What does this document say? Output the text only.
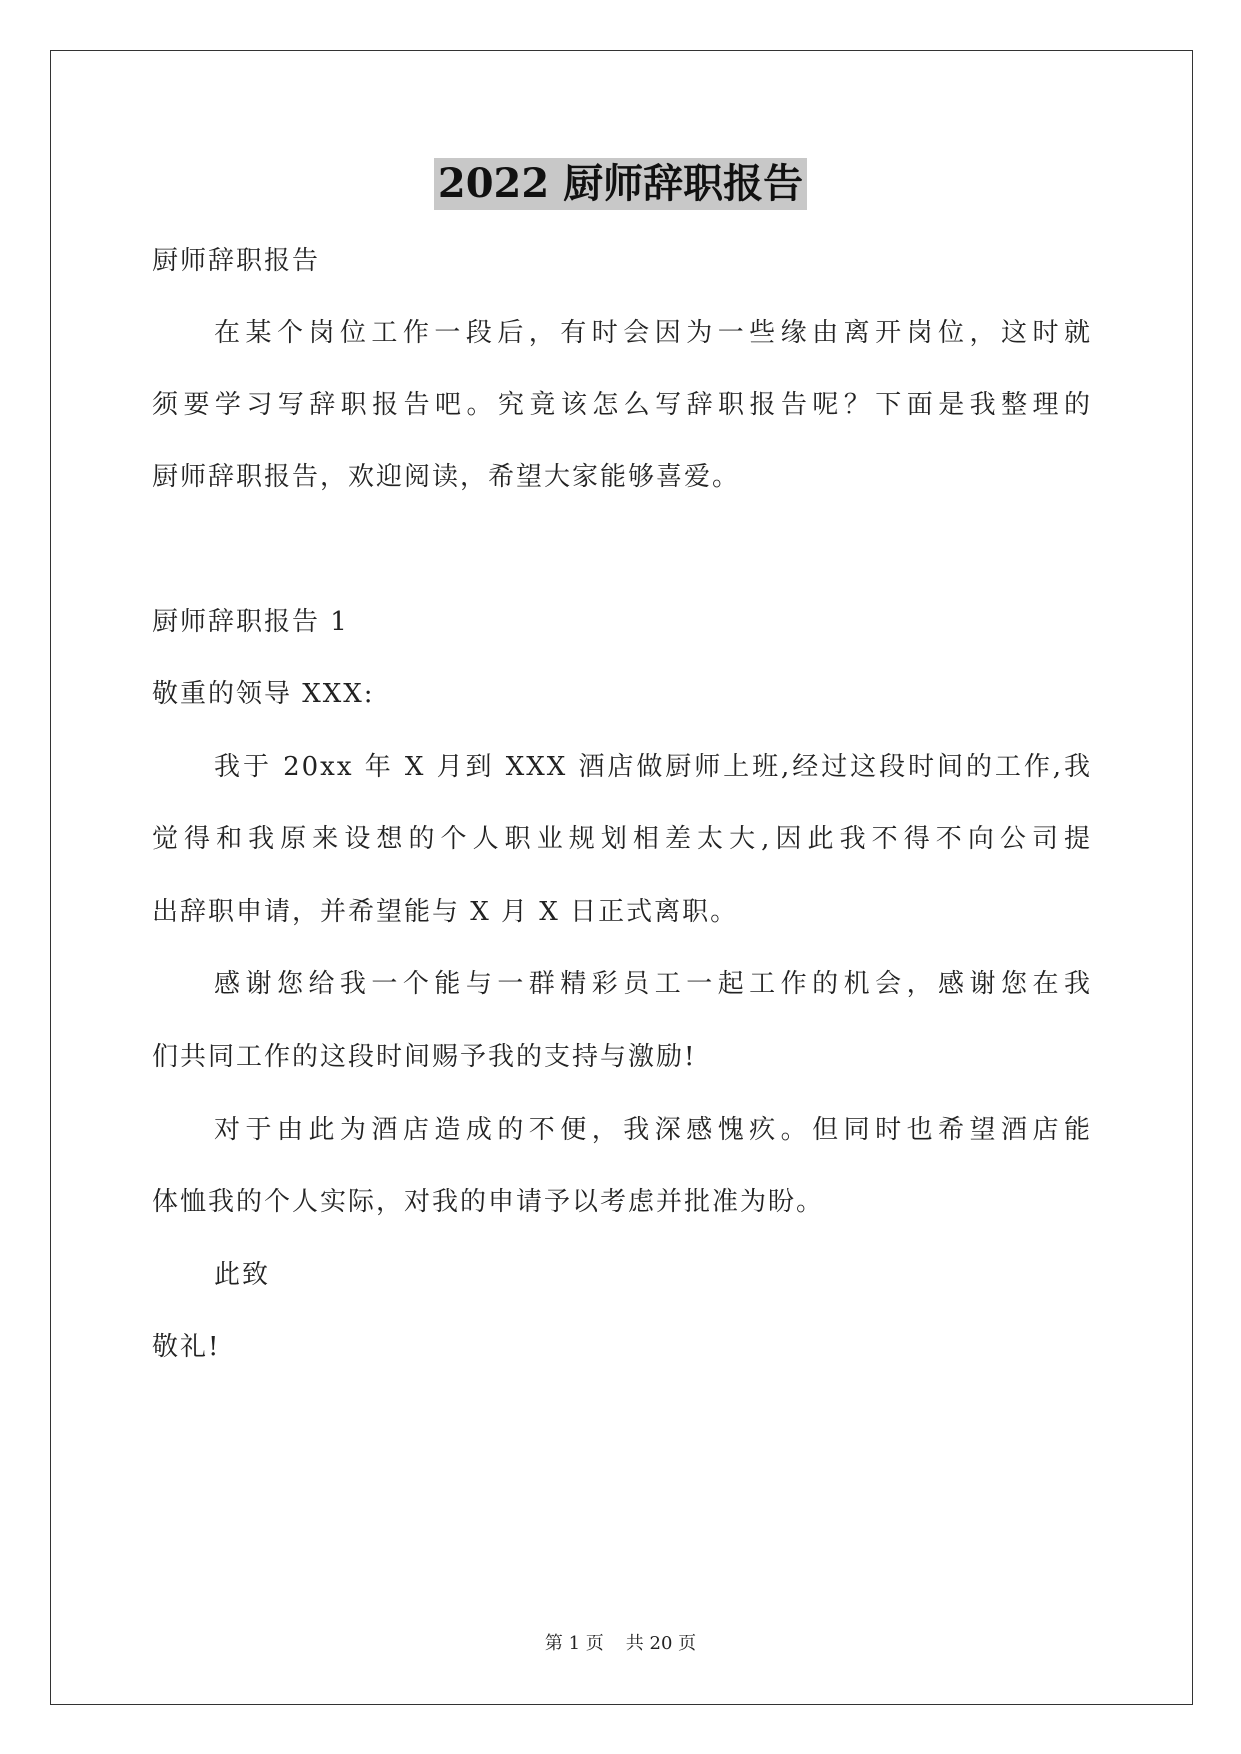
2022 厨师辞职报告
厨师辞职报告
在某个岗位工作一段后，有时会因为一些缘由离开岗位，这时就
须要学习写辞职报告吧。究竟该怎么写辞职报告呢？下面是我整理的
厨师辞职报告，欢迎阅读，希望大家能够喜爱。
厨师辞职报告 1
敬重的领导 XXX:
我于 20xx 年 X 月到 XXX 酒店做厨师上班,经过这段时间的工作,我
觉得和我原来设想的个人职业规划相差太大,因此我不得不向公司提
出辞职申请，并希望能与 X 月 X 日正式离职。
感谢您给我一个能与一群精彩员工一起工作的机会，感谢您在我
们共同工作的这段时间赐予我的支持与激励!
对于由此为酒店造成的不便，我深感愧疚。但同时也希望酒店能
体恤我的个人实际，对我的申请予以考虑并批准为盼。
此致
敬礼!
第 1 页 共 20 页
